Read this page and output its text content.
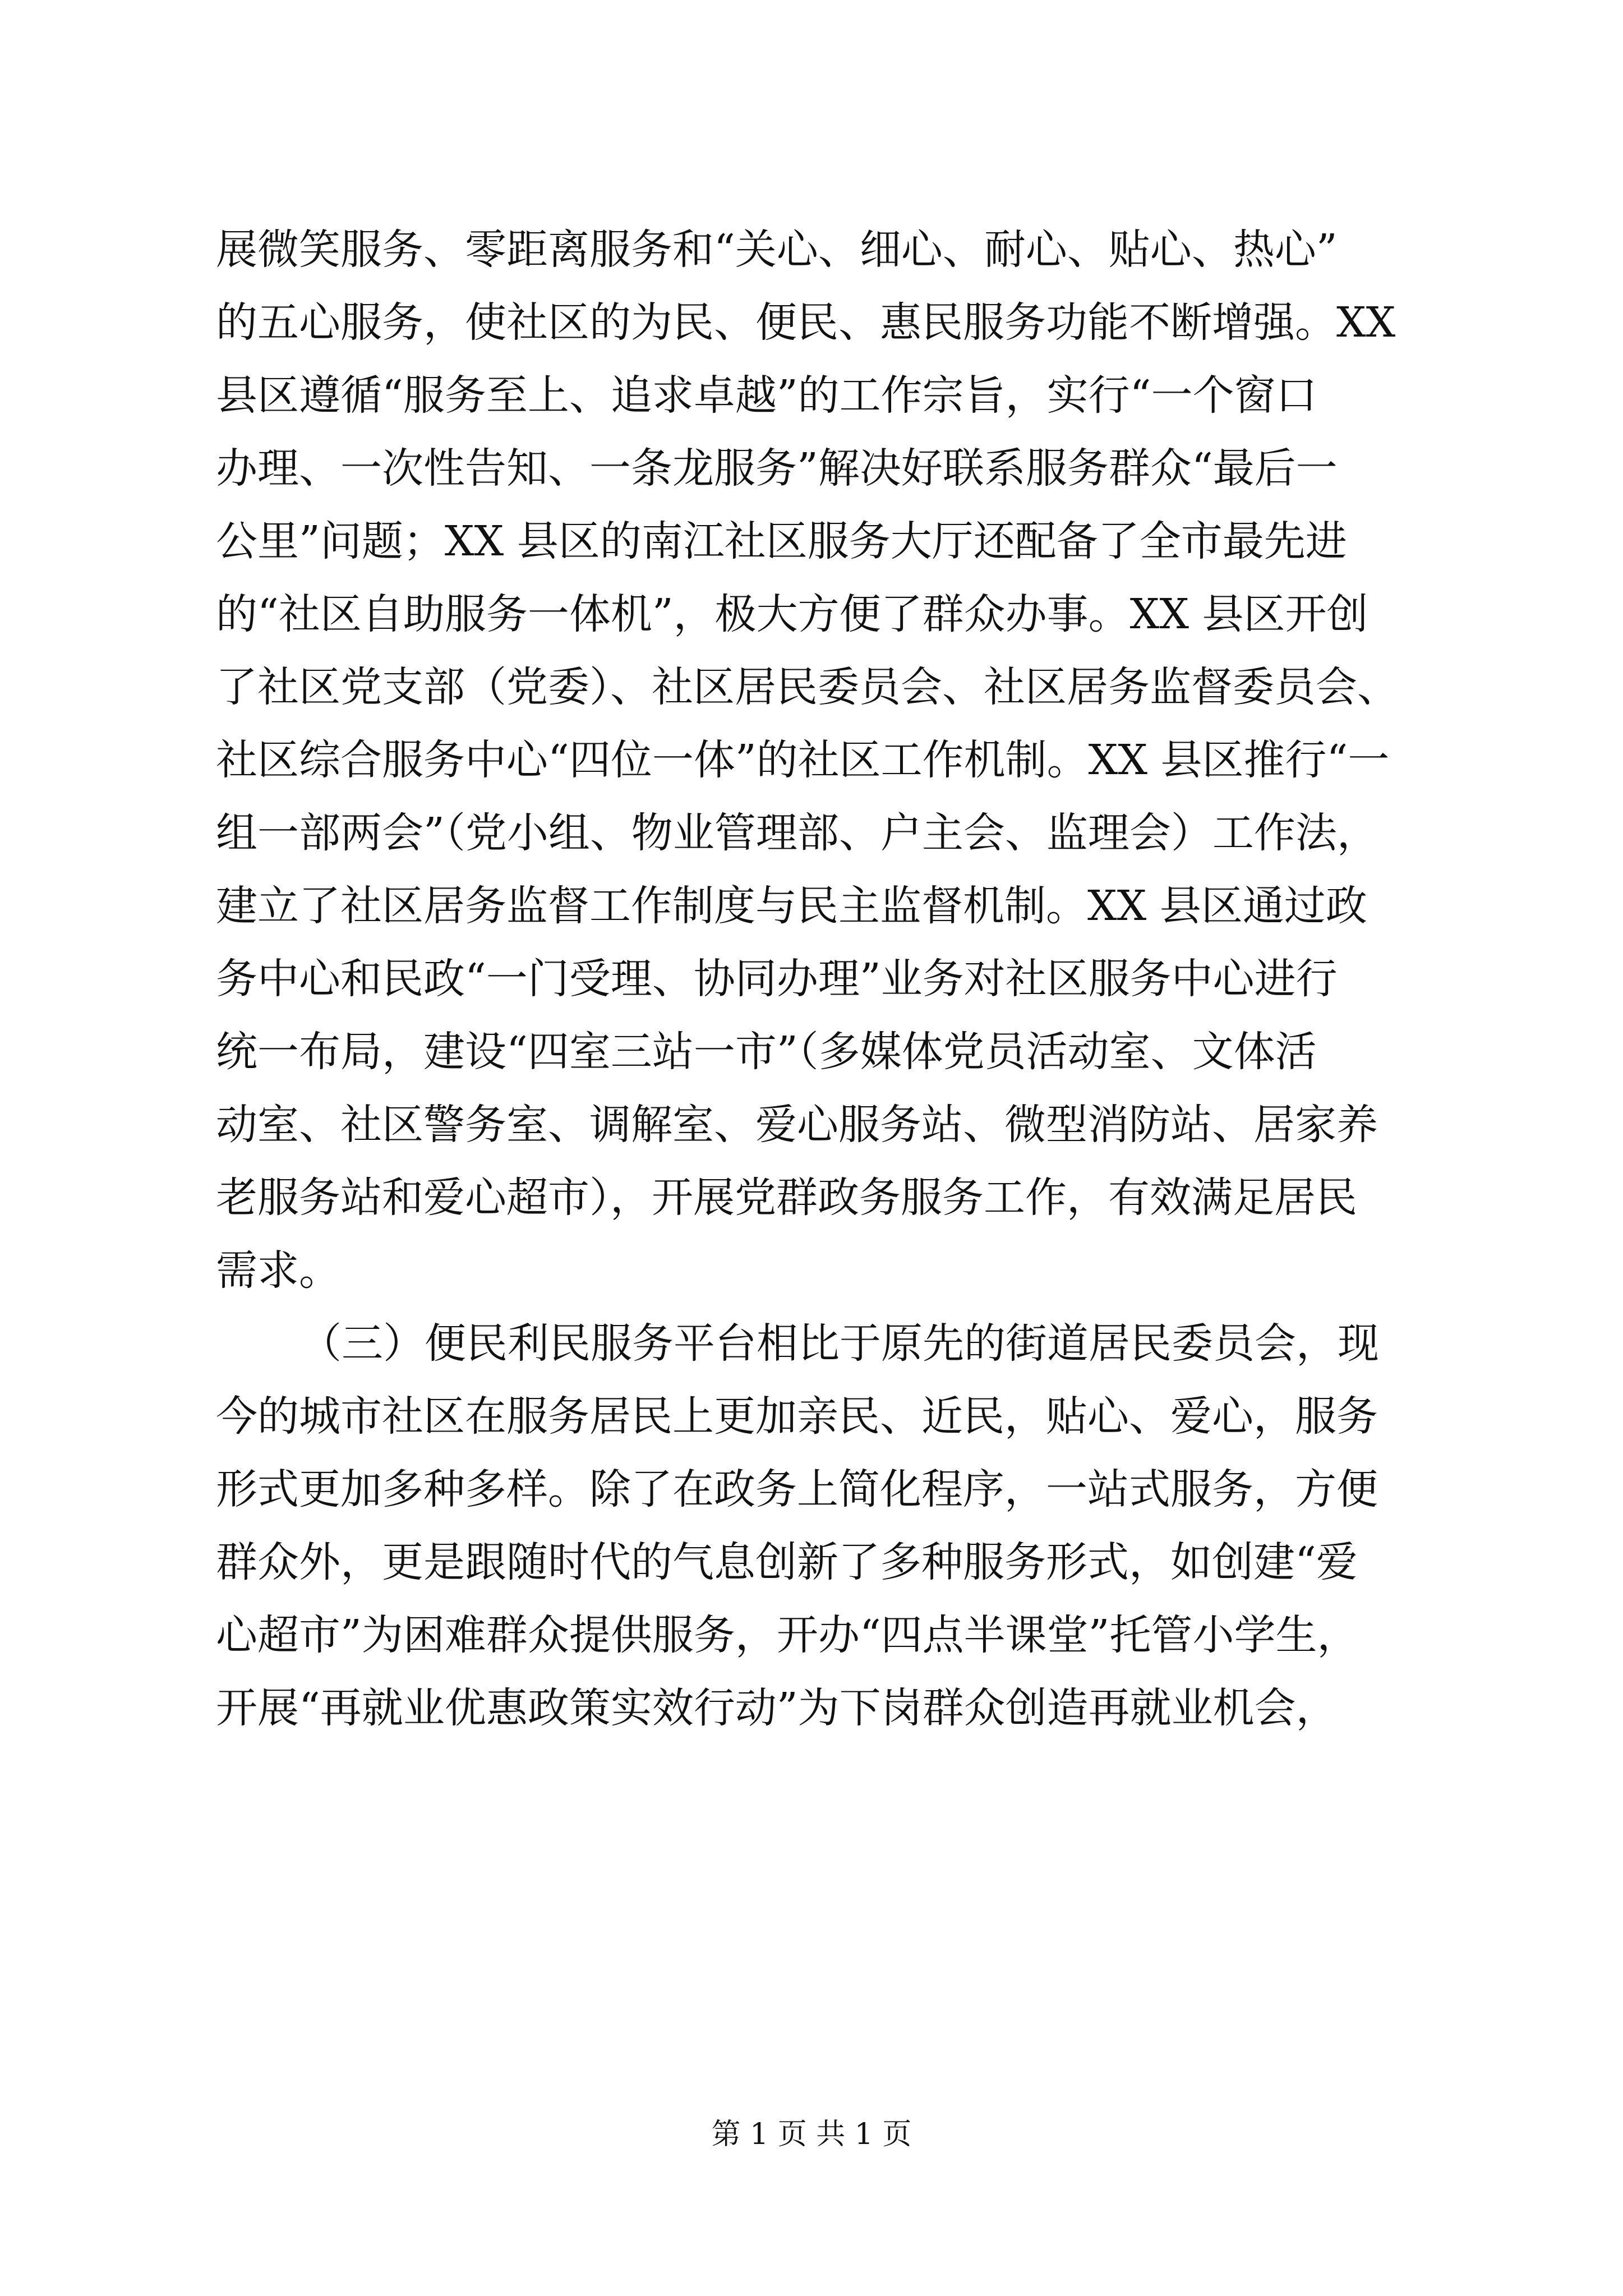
展微笑服务、零距离服务和“关心、细心、耐心、贴心、热心”
的五心服务，使社区的为民、便民、惠民服务功能不断增强。XX
县区遵循“服务至上、追求卓越”的工作宗旨，实行“一个窗口
办理、一次性告知、一条龙服务”解决好联系服务群众“最后一
公里”问题；XX 县区的南江社区服务大厅还配备了全市最先进
的“社区自助服务一体机”，极大方便了群众办事。XX 县区开创
了社区党支部（党委）、社区居民委员会、社区居务监督委员会、
社区综合服务中心“四位一体”的社区工作机制。XX 县区推行“一
组一部两会”（党小组、物业管理部、户主会、监理会）工作法，
建立了社区居务监督工作制度与民主监督机制。XX 县区通过政
务中心和民政“一门受理、协同办理”业务对社区服务中心进行
统一布局，建设“四室三站一市”（多媒体党员活动室、文体活
动室、社区警务室、调解室、爱心服务站、微型消防站、居家养
老服务站和爱心超市），开展党群政务服务工作，有效满足居民
需求。
（三）便民利民服务平台相比于原先的街道居民委员会，现
今的城市社区在服务居民上更加亲民、近民，贴心、爱心，服务
形式更加多种多样。除了在政务上简化程序，一站式服务，方便
群众外，更是跟随时代的气息创新了多种服务形式，如创建“爱
心超市”为困难群众提供服务，开办“四点半课堂”托管小学生，
开展“再就业优惠政策实效行动”为下岗群众创造再就业机会，
第 1 页 共 1 页
